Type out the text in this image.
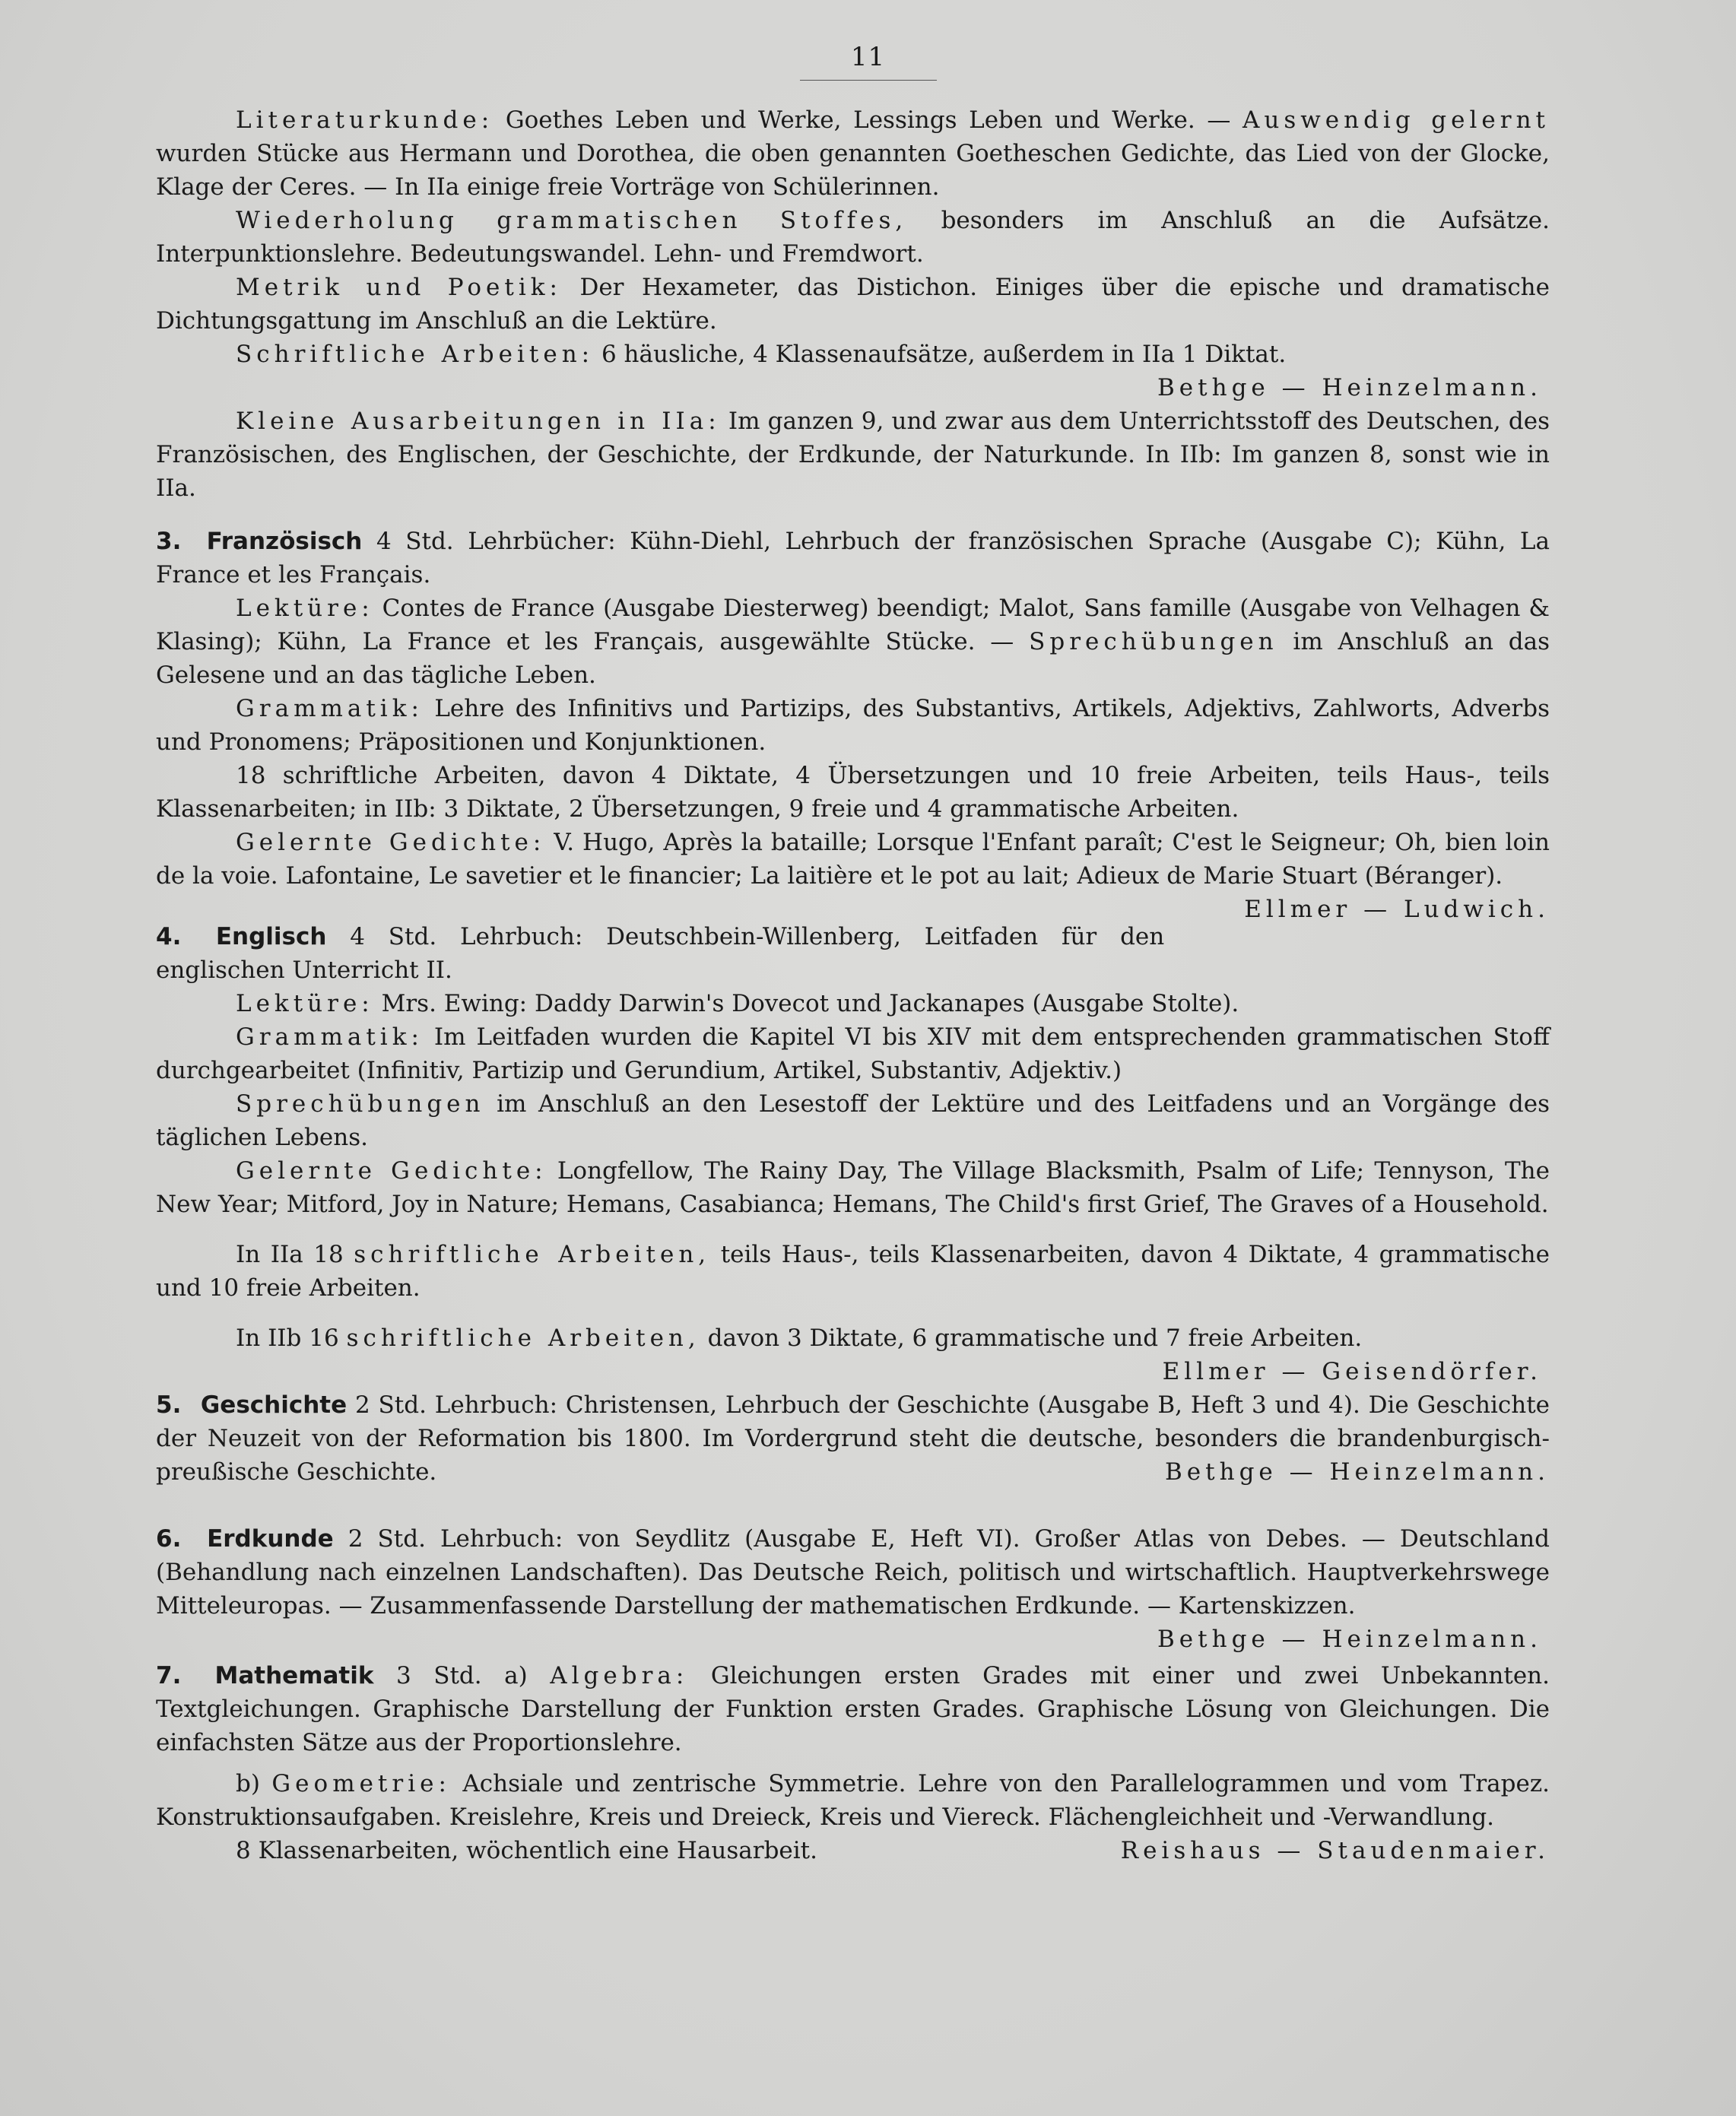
11

Literaturkunde: Goethes Leben und Werke, Lessings Leben und Werke. — Auswendig gelernt wurden Stücke aus Hermann und Dorothea, die oben genannten Goetheschen Gedichte, das Lied von der Glocke, Klage der Ceres. — In IIa einige freie Vorträge von Schülerinnen.

Wiederholung grammatischen Stoffes, besonders im Anschluß an die Aufsätze. Interpunktionslehre. Bedeutungswandel. Lehn- und Fremdwort.

Metrik und Poetik: Der Hexameter, das Distichon. Einiges über die epische und dramatische Dichtungsgattung im Anschluß an die Lektüre.

Schriftliche Arbeiten: 6 häusliche, 4 Klassenaufsätze, außerdem in IIa 1 Diktat.

Bethge — Heinzelmann.

Kleine Ausarbeitungen in IIa: Im ganzen 9, und zwar aus dem Unterrichtsstoff des Deutschen, des Französischen, des Englischen, der Geschichte, der Erdkunde, der Naturkunde. In IIb: Im ganzen 8, sonst wie in IIa.

3. Französisch 4 Std. Lehrbücher: Kühn-Diehl, Lehrbuch der französischen Sprache (Ausgabe C); Kühn, La France et les Français.

Lektüre: Contes de France (Ausgabe Diesterweg) beendigt; Malot, Sans famille (Ausgabe von Velhagen & Klasing); Kühn, La France et les Français, ausgewählte Stücke. — Sprechübungen im Anschluß an das Gelesene und an das tägliche Leben.

Grammatik: Lehre des Infinitivs und Partizips, des Substantivs, Artikels, Adjektivs, Zahlworts, Adverbs und Pronomens; Präpositionen und Konjunktionen.

18 schriftliche Arbeiten, davon 4 Diktate, 4 Übersetzungen und 10 freie Arbeiten, teils Haus-, teils Klassenarbeiten; in IIb: 3 Diktate, 2 Übersetzungen, 9 freie und 4 grammatische Arbeiten.

Gelernte Gedichte: V. Hugo, Après la bataille; Lorsque l'Enfant paraît; C'est le Seigneur; Oh, bien loin de la voie. Lafontaine, Le savetier et le financier; La laitière et le pot au lait; Adieux de Marie Stuart (Béranger).
Ellmer — Ludwich.

4. Englisch 4 Std. Lehrbuch: Deutschbein-Willenberg, Leitfaden für den englischen Unterricht II.

Lektüre: Mrs. Ewing: Daddy Darwin's Dovecot und Jackanapes (Ausgabe Stolte).

Grammatik: Im Leitfaden wurden die Kapitel VI bis XIV mit dem entsprechenden grammatischen Stoff durchgearbeitet (Infinitiv, Partizip und Gerundium, Artikel, Substantiv, Adjektiv.)

Sprechübungen im Anschluß an den Lesestoff der Lektüre und des Leitfadens und an Vorgänge des täglichen Lebens.

Gelernte Gedichte: Longfellow, The Rainy Day, The Village Blacksmith, Psalm of Life; Tennyson, The New Year; Mitford, Joy in Nature; Hemans, Casabianca; Hemans, The Child's first Grief, The Graves of a Household.

In IIa 18 schriftliche Arbeiten, teils Haus-, teils Klassenarbeiten, davon 4 Diktate, 4 grammatische und 10 freie Arbeiten.

In IIb 16 schriftliche Arbeiten, davon 3 Diktate, 6 grammatische und 7 freie Arbeiten.

Ellmer — Geisendörfer.

5. Geschichte 2 Std. Lehrbuch: Christensen, Lehrbuch der Geschichte (Ausgabe B, Heft 3 und 4). Die Geschichte der Neuzeit von der Reformation bis 1800. Im Vordergrund steht die deutsche, besonders die brandenburgisch-preußische Geschichte.	Bethge — Heinzelmann.

6. Erdkunde 2 Std. Lehrbuch: von Seydlitz (Ausgabe E, Heft VI). Großer Atlas von Debes. — Deutschland (Behandlung nach einzelnen Landschaften). Das Deutsche Reich, politisch und wirtschaftlich. Hauptverkehrswege Mitteleuropas. — Zusammenfassende Darstellung der mathematischen Erdkunde. — Kartenskizzen.

Bethge — Heinzelmann.

7. Mathematik 3 Std. a) Algebra: Gleichungen ersten Grades mit einer und zwei Unbekannten. Textgleichungen. Graphische Darstellung der Funktion ersten Grades. Graphische Lösung von Gleichungen. Die einfachsten Sätze aus der Proportionslehre.

b) Geometrie: Achsiale und zentrische Symmetrie. Lehre von den Parallelogrammen und vom Trapez. Konstruktionsaufgaben. Kreislehre, Kreis und Dreieck, Kreis und Viereck. Flächengleichheit und -Verwandlung.

8 Klassenarbeiten, wöchentlich eine Hausarbeit.	Reishaus — Staudenmaier.
